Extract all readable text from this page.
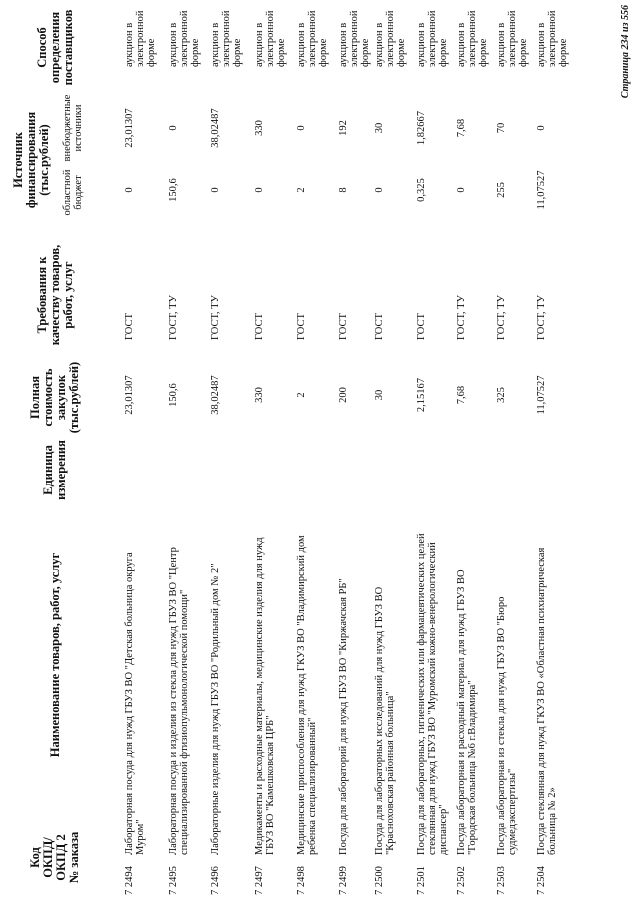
Код ОКПД/ ОКПД 2 № заказа
Наименование товаров, работ, услуг
Единица измерения
Полная стоимость закупок (тыс.рублей)
Требования к качеству товаров, работ, услуг
Источник финансирования (тыс.рублей)	областной бюджет
внебюджетные источники
Способ определения поставщиков
7 2494
Лабораторная посуда для нужд ГБУЗ ВО "Детская больница округа Муром"
23,01307
ГОСТ
0
23,01307
аукцион в электронной форме
7 2495
Лабораторная посуда и изделия из стекла для нужд ГБУЗ ВО "Центр специализированной фтизиопульмонологической помощи"
150,6
ГОСТ, ТУ
150,6
0
аукцион в электронной форме
7 2496
Лабораторные изделия для нужд ГБУЗ ВО "Родильный дом № 2"
38,02487
ГОСТ, ТУ
0
38,02487
аукцион в электронной форме
7 2497
Медикаменты и расходные материалы, медицинские изделия для нужд ГБУЗ ВО "Камешковская ЦРБ"
330
ГОСТ
0
330
аукцион в электронной форме
7 2498
Медицинские приспособления для нужд ГКУЗ ВО "Владимирский дом ребенка специализированный"
2
ГОСТ
2
0
аукцион в электронной форме
7 2499
Посуда для лабораторий для нужд ГБУЗ ВО "Киржачская РБ"
200
ГОСТ
8
192
аукцион в электронной форме
7 2500
Посуда для лабораторных исследований для нужд ГБУЗ ВО "Красноховская районная больница"
30
ГОСТ
0
30
аукцион в электронной форме
7 2501
Посуда для лабораторных, гигиенических или фармацевтических целей стеклянная для нужд ГБУЗ ВО "Муромский кожно-венерологический диспансер"
2,15167
ГОСТ
0,325
1,82667
аукцион в электронной форме
7 2502
Посуда лабораторная и расходный материал для нужд ГБУЗ ВО "Городская больница №6 г.Владимира"
7,68
ГОСТ, ТУ
0
7,68
аукцион в электронной форме
7 2503
Посуда лабораторная из стекла для нужд ГБУЗ ВО "Бюро судмедэкспертизы"
325
ГОСТ, ТУ
255
70
аукцион в электронной форме
7 2504
Посуда стеклянная для нужд ГКУЗ ВО «Областная психиатрическая больница № 2»
11,07527
ГОСТ, ТУ
11,07527
0
аукцион в электронной форме	Страница 234 из 556
